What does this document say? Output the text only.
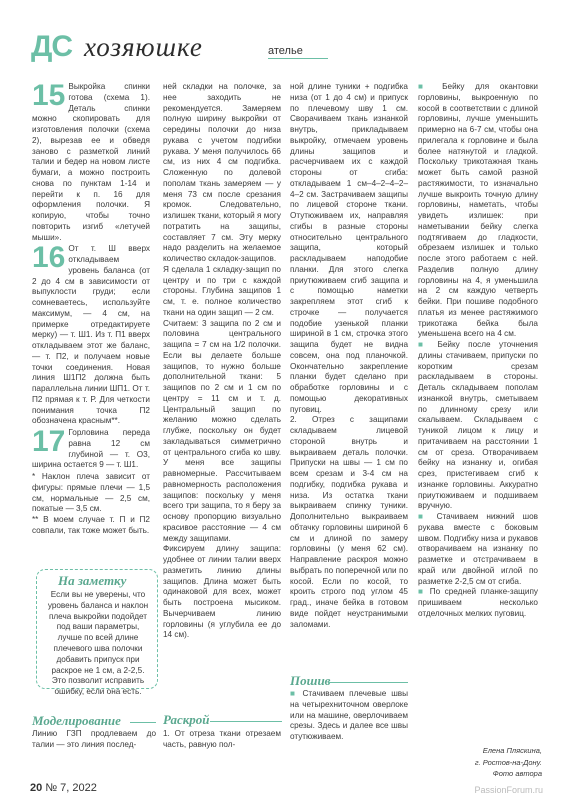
ДС хозяюшке	ателье
15 Выкройка спинки готова (схема 1). Деталь спинки можно скопировать для изготовления полочки (схема 2), вырезав ее и обведя заново с разметкой линий талии и бедер на новом листе бумаги, а можно построить снова по пунктам 1-14 и перейти к п. 16 для оформления полочки. Я копирую, чтобы точно повторить изгиб «летучей мыши».

16 От т. Ш вверх откладываем уровень баланса (от 2 до 4 см в зависимости от выпуклости груди; если сомневаетесь, используйте максимум, — 4 см, на примерке отредактируете мерку) — т. Ш1. Из т. П1 вверх откладываем этот же баланс, — т. П2, и получаем новые точки соединения. Новая линия Ш1П2 должна быть параллельна линии ШП1. От т. П2 прямая к т. Р. Для четкости понимания точка П2 обозначена красным**.

17 Горловина переда равна 12 см глубиной — т. О3, ширина остается 9 — т. Ш1.

* Наклон плеча зависит от фигуры: прямые плечи — 1,5 см, нормальные — 2,5 см, покатые — 3,5 см.

** В моем случае т. П и П2 совпали, так тоже может быть.

На заметку
Если вы не уверены, что уровень баланса и наклон плеча выкройки подойдет под ваши параметры, лучше по всей длине плечевого шва полочки добавить припуск при раскрое не 1 см, а 2-2,5. Это позволит исправить ошибку, если она есть.
Моделирование
Линию ГЗП продлеваем до талии — это линия послед-

ней складки на полочке, за нее заходить не рекомендуется. Замеряем полную ширину выкройки от середины полочки до низа рукава с учетом подгибки рукава. У меня получилось 66 см, из них 4 см подгибка. Сложенную по долевой пополам ткань замеряем — у меня 73 см после срезания кромок. Следовательно, излишек ткани, который я могу потратить на защипы, составляет 7 см. Эту мерку надо разделить на желаемое количество складок-защипов.

Я сделала 1 складку-защип по центру и по три с каждой стороны. Глубина защипов 1 см, т. е. полное количество ткани на один защип — 2 см.

Считаем: 3 защипа по 2 см и половина центрального защипа = 7 см на 1/2 полочки. Если вы делаете больше защипов, то нужно больше дополнительной ткани: 5 защипов по 2 см и 1 см по центру = 11 см и т. д. Центральный защип по желанию можно сделать глубже, поскольку он будет закладываться симметрично от центрального сгиба ко шву. У меня все защипы равномерные. Рассчитываем равномерность расположения защипов: поскольку у меня всего три защипа, то я беру за основу пропорцию визуально красивое расстояние — 4 см между защипами.

Фиксируем длину защипа: удобнее от линии талии вверх разметить линию длины защипов. Длина может быть одинаковой для всех, может быть построена мысиком. Вычерчиваем линию горловины (я углубила ее до 14 см).

Раскрой
1. От отреза ткани отрезаем часть, равную пол-

ной длине туники + подгибка низа (от 1 до 4 см) и припуск по плечевому шву 1 см. Сворачиваем ткань изнанкой внутрь, прикладываем выкройку, отмечаем уровень длины защипов и расчерчиваем их с каждой стороны от сгиба: откладываем 1 см–4–2–4–2–4–2 см. Застрачиваем защипы по лицевой стороне ткани. Отутюживаем их, направляя сгибы в разные стороны относительно центрального защипа, который раскладываем наподобие планки. Для этого слегка приутюживаем сгиб защипа и с помощью наметки закрепляем этот сгиб к строчке — получается подобие узенькой планки шириной в 1 см, строчка этого защипа будет не видна совсем, она под планочкой. Окончательно закрепление планки будет сделано при обработке горловины и с помощью декоративных пуговиц.

2. Отрез с защипами складываем лицевой стороной внутрь и выкраиваем деталь полочки. Припуски на швы — 1 см по всем срезам и 3-4 см на подгибку, подгибка рукава и низа. Из остатка ткани выкраиваем спинку туники. Дополнительно выкраиваем обтачку горловины шириной 6 см и длиной по замеру горловины (у меня 62 см). Направление раскроя можно выбрать по поперечной или по косой. Если по косой, то кроить строго под углом 45 град., иначе бейка в готовом виде пойдет неустранимыми заломами.

Пошив
■ Стачиваем плечевые швы на четырехниточном оверлоке или на машине, оверлочиваем срезы. Здесь и далее все швы отутюживаем.

■ Бейку для окантовки горловины, выкроенную по косой в соответствии с длиной горловины, лучше уменьшить примерно на 6-7 см, чтобы она прилегала к горловине и была более натянутой и гладкой. Поскольку трикотажная ткань может быть самой разной растяжимости, то изначально лучше выкроить точную длину горловины, наметать, чтобы увидеть излишек: при наметывании бейку слегка подтягиваем до гладкости, обрезаем излишек и только после этого работаем с ней. Разделив полную длину горловины на 4, я уменьшила на 2 см каждую четверть бейки. При пошиве подобного платья из менее растяжимого трикотажа бейка была уменьшена всего на 4 см.

■ Бейку после уточнения длины стачиваем, припуски по коротким срезам раскладываем в стороны. Деталь складываем пополам изнанкой внутрь, сметываем по длинному срезу или скалываем. Складываем с туникой лицом к лицу и притачиваем на расстоянии 1 см от среза. Отворачиваем бейку на изнанку и, огибая срез, пристегиваем сгиб к изнанке горловины. Аккуратно приутюживаем и подшиваем вручную.

■ Стачиваем нижний шов рукава вместе с боковым швом. Подгибку низа и рукавов отворачиваем на изнанку по разметке и отстрачиваем в край или двойной иглой по разметке 2-2,5 см от сгиба.

■ По средней планке-защипу пришиваем несколько отделочных мелких пуговиц.

Елена Пляскина,
г. Ростов-на-Дону.
Фото автора
20 № 7, 2022	PassionForum.ru
